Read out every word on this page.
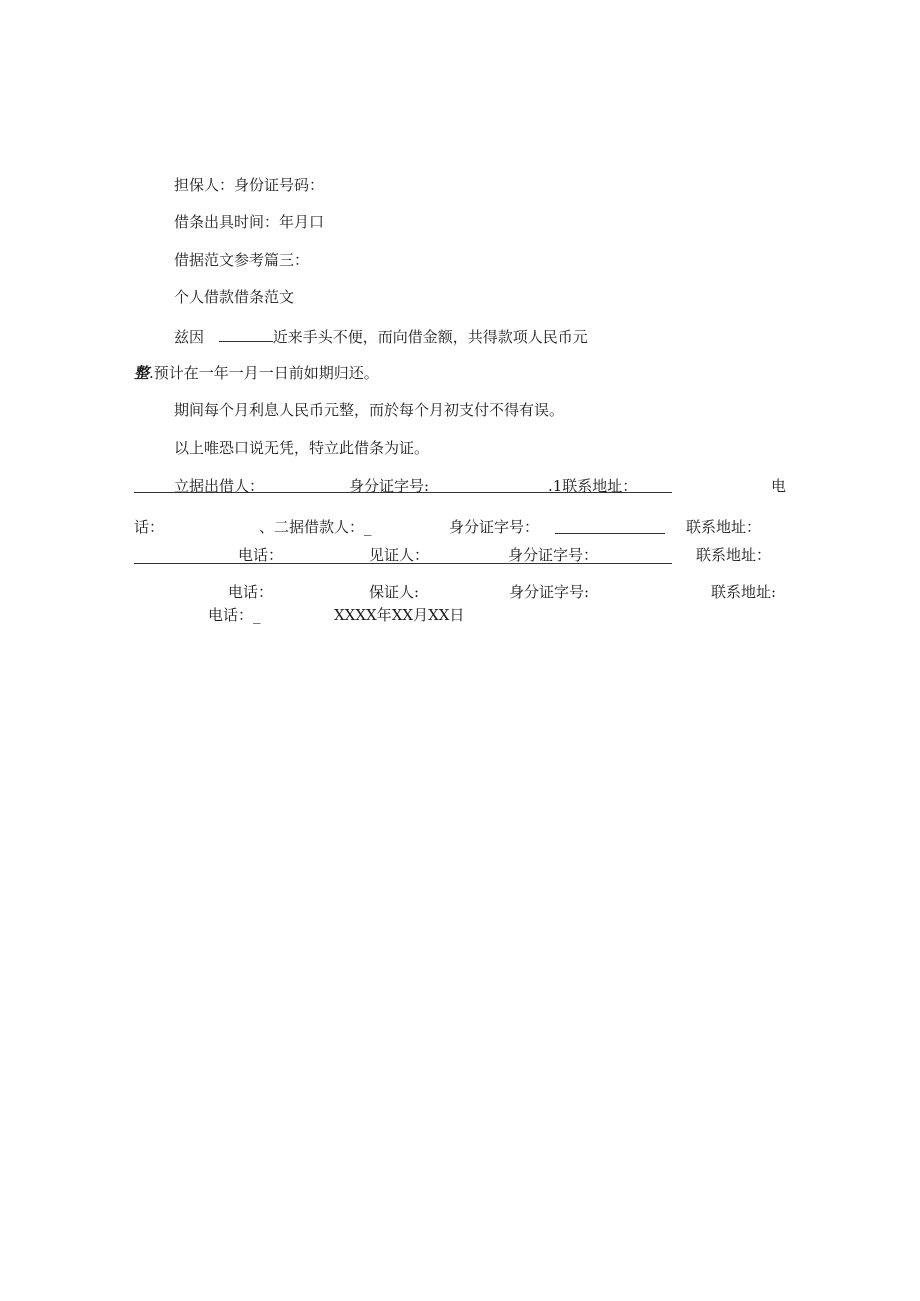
担保人：身份证号码：
借条出具时间：年月口
借据范文参考篇三：
个人借款借条范文
兹因	近来手头不便，而向借金额，共得款项人民币元
整.预计在一年一月一日前如期归还。
期间每个月利息人民币元整，而於每个月初支付不得有误。
以上唯恐口说无凭，特立此借条为证。
立据出借人：	身分证字号:	.1联系地址：	电
话：	、二据借款人：_	身分证字号：	联系地址：
电话：	见证人：	身分证字号：	联系地址：
电话：	保证人:	身分证字号:	联系地址:
电话：_	XXXX年XX月XX日
